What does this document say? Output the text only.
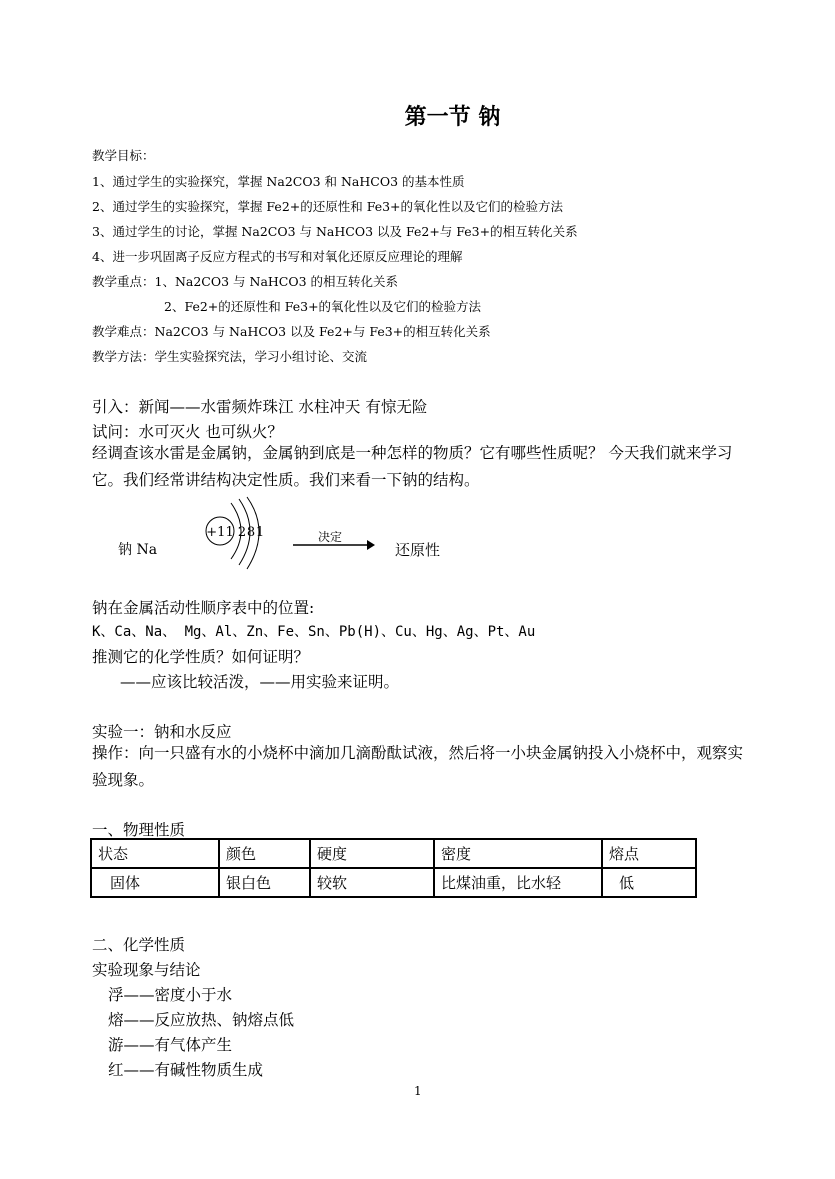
第一节 钠
教学目标：
1、通过学生的实验探究，掌握 Na2CO3 和 NaHCO3 的基本性质
2、通过学生的实验探究，掌握 Fe2+的还原性和 Fe3+的氧化性以及它们的检验方法
3、通过学生的讨论，掌握 Na2CO3 与 NaHCO3 以及 Fe2+与 Fe3+的相互转化关系
4、进一步巩固离子反应方程式的书写和对氧化还原反应理论的理解
教学重点：1、Na2CO3 与 NaHCO3 的相互转化关系
2、Fe2+的还原性和 Fe3+的氧化性以及它们的检验方法
教学难点：Na2CO3 与 NaHCO3 以及 Fe2+与 Fe3+的相互转化关系
教学方法：学生实验探究法，学习小组讨论、交流
引入：新闻——水雷频炸珠江 水柱冲天 有惊无险
试问：水可灭火 也可纵火？
经调查该水雷是金属钠，金属钠到底是一种怎样的物质？它有哪些性质呢？ 今天我们就来学习它。我们经常讲结构决定性质。我们来看一下钠的结构。
钠 Na
+11 2 8 1	决定
还原性
钠在金属活动性顺序表中的位置:
K、Ca、Na、 Mg、Al、Zn、Fe、Sn、Pb(H)、Cu、Hg、Ag、Pt、Au
推测它的化学性质？如何证明？
——应该比较活泼，——用实验来证明。
实验一：钠和水反应
操作：向一只盛有水的小烧杯中滴加几滴酚酞试液，然后将一小块金属钠投入小烧杯中，观察实验现象。
一、物理性质
状态	颜色	硬度	密度	熔点
固体	银白色	较软	比煤油重，比水轻	低
二、化学性质
实验现象与结论
浮——密度小于水
熔——反应放热、钠熔点低
游——有气体产生
红——有碱性物质生成
1
